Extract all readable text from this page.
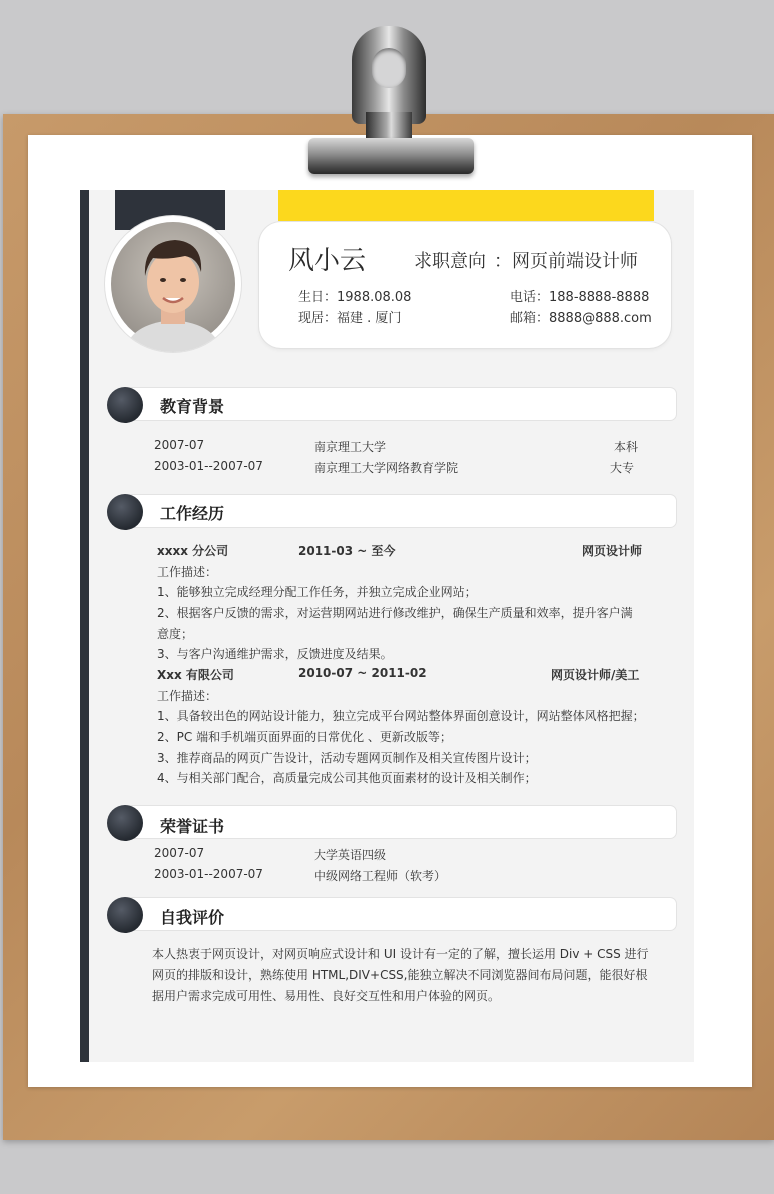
风小云	求职意向 ：网页前端设计师
生日：1988.08.08
现居：福建 . 厦门
电话：188-8888-8888
邮箱：8888@888.com
教育背景
2007-07	南京理工大学	本科
2003-01--2007-07	南京理工大学网络教育学院	大专
工作经历
xxxx 分公司	2011-03 ~ 至今	网页设计师
工作描述：
1、能够独立完成经理分配工作任务，并独立完成企业网站；
2、根据客户反馈的需求，对运营期网站进行修改维护，确保生产质量和效率，提升客户满
意度；
3、与客户沟通维护需求，反馈进度及结果。
Xxx 有限公司	2010-07 ~ 2011-02	网页设计师/美工
工作描述：
1、具备较出色的网站设计能力，独立完成平台网站整体界面创意设计，网站整体风格把握；
2、PC 端和手机端页面界面的日常优化 、更新改版等；
3、推荐商品的网页广告设计，活动专题网页制作及相关宣传图片设计；
4、与相关部门配合，高质量完成公司其他页面素材的设计及相关制作；
荣誉证书
2007-07	大学英语四级
2003-01--2007-07	中级网络工程师（软考）
自我评价
本人热衷于网页设计，对网页响应式设计和 UI 设计有一定的了解，擅长运用 Div + CSS 进行
网页的排版和设计，熟练使用 HTML,DIV+CSS,能独立解决不同浏览器间布局问题，能很好根
据用户需求完成可用性、易用性、良好交互性和用户体验的网页。
